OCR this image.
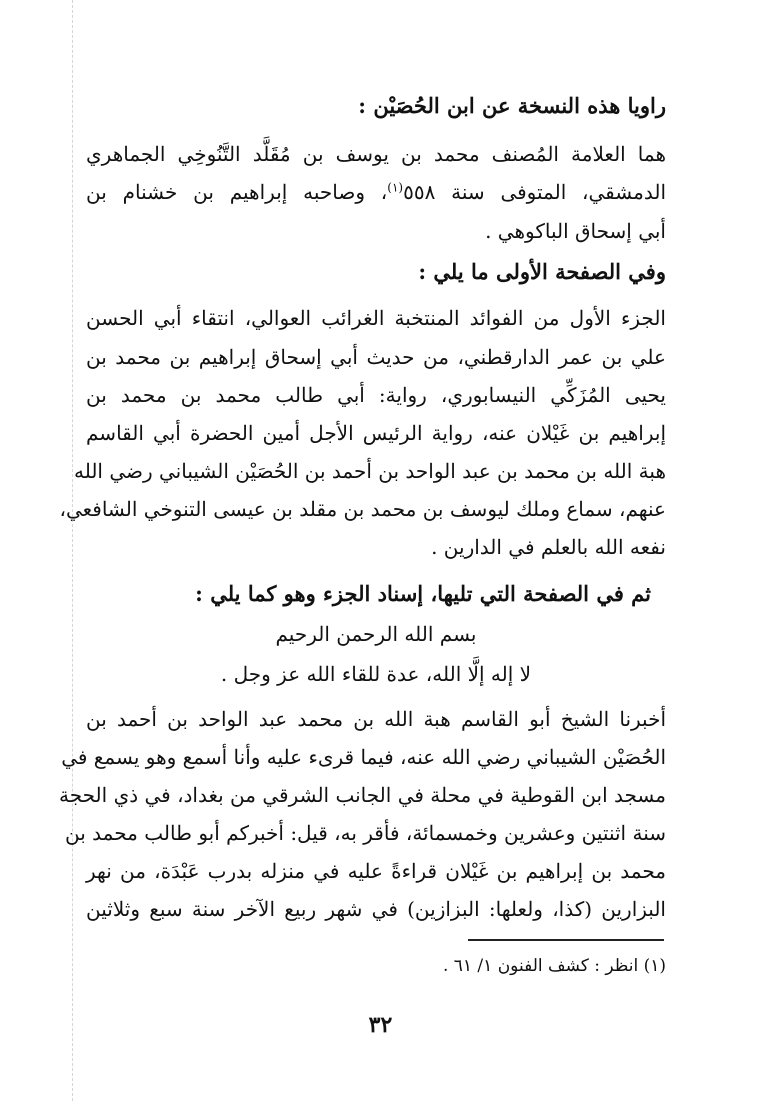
راويا هذه النسخة عن ابن الحُصَيْن :
هما العلامة المُصنف محمد بن يوسف بن مُقَلَّد التَّنُوخِي الجماهري
الدمشقي، المتوفى سنة ٥٥٨$^{(١)}$، وصاحبه إبراهيم بن خشنام بن
أبي إسحاق الباكوهي .
وفي الصفحة الأولى ما يلي :
الجزء الأول من الفوائد المنتخبة الغرائب العوالي، انتقاء أبي الحسن
علي بن عمر الدارقطني، من حديث أبي إسحاق إبراهيم بن محمد بن
يحيى المُزَكِّي النيسابوري، رواية: أبي طالب محمد بن محمد بن
إبراهيم بن غَيْلان عنه، رواية الرئيس الأجل أمين الحضرة أبي القاسم
هبة الله بن محمد بن عبد الواحد بن أحمد بن الحُصَيْن الشيباني رضي الله
عنهم، سماع وملك ليوسف بن محمد بن مقلد بن عيسى التنوخي الشافعي،
نفعه الله بالعلم في الدارين .
ثم في الصفحة التي تليها، إسناد الجزء وهو كما يلي :
بسم الله الرحمن الرحيم
لا إله إلَّا الله، عدة للقاء الله عز وجل .
أخبرنا الشيخ أبو القاسم هبة الله بن محمد عبد الواحد بن أحمد بن
الحُصَيْن الشيباني رضي الله عنه، فيما قرىء عليه وأنا أسمع وهو يسمع في
مسجد ابن القوطية في محلة في الجانب الشرقي من بغداد، في ذي الحجة
سنة اثنتين وعشرين وخمسمائة، فأقر به، قيل: أخبركم أبو طالب محمد بن
محمد بن إبراهيم بن غَيْلان قراءةً عليه في منزله بدرب عَبْدَة، من نهر
البزارين (كذا، ولعلها: البزازين) في شهر ربيع الآخر سنة سبع وثلاثين
(١) انظر : كشف الفنون ١/ ٦١ .
٣٢
